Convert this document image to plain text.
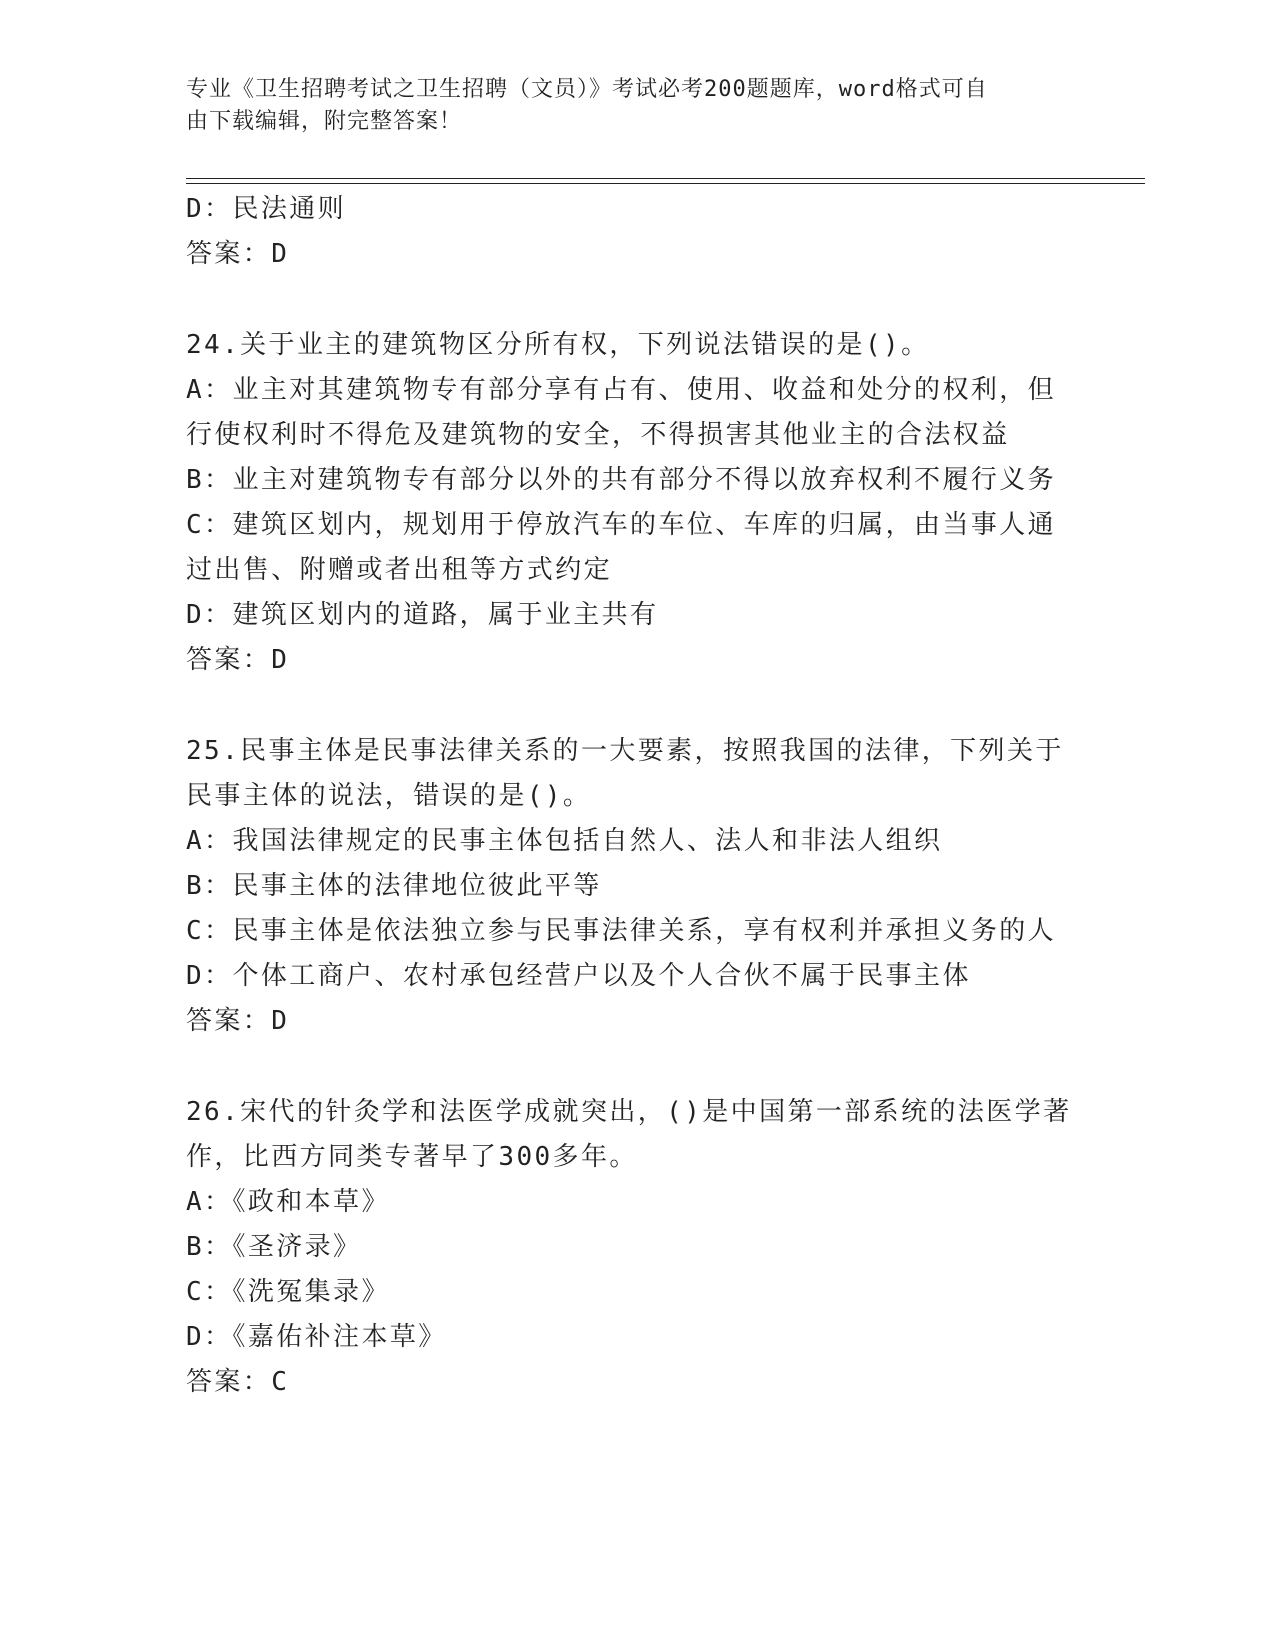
专业《卫生招聘考试之卫生招聘（文员）》考试必考200题题库，word格式可自
由下载编辑，附完整答案！
D：民法通则
答案：D
24.关于业主的建筑物区分所有权，下列说法错误的是()。
A：业主对其建筑物专有部分享有占有、使用、收益和处分的权利，但
行使权利时不得危及建筑物的安全，不得损害其他业主的合法权益
B：业主对建筑物专有部分以外的共有部分不得以放弃权利不履行义务
C：建筑区划内，规划用于停放汽车的车位、车库的归属，由当事人通
过出售、附赠或者出租等方式约定
D：建筑区划内的道路，属于业主共有
答案：D
25.民事主体是民事法律关系的一大要素，按照我国的法律，下列关于
民事主体的说法，错误的是()。
A：我国法律规定的民事主体包括自然人、法人和非法人组织
B：民事主体的法律地位彼此平等
C：民事主体是依法独立参与民事法律关系，享有权利并承担义务的人
D：个体工商户、农村承包经营户以及个人合伙不属于民事主体
答案：D
26.宋代的针灸学和法医学成就突出，()是中国第一部系统的法医学著
作，比西方同类专著早了300多年。
A：《政和本草》
B：《圣济录》
C：《洗冤集录》
D：《嘉佑补注本草》
答案：C
